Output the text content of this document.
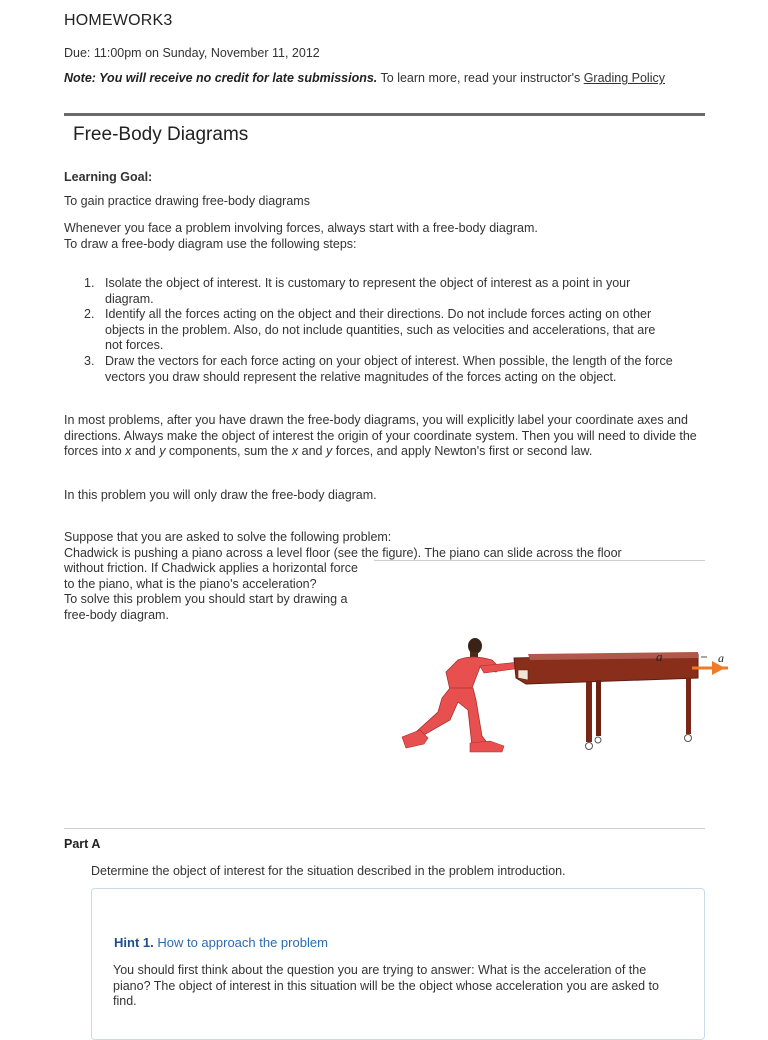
HOMEWORK3
Due: 11:00pm on Sunday, November 11, 2012
Note: You will receive no credit for late submissions. To learn more, read your instructor's Grading Policy
Free-Body Diagrams
Learning Goal:
To gain practice drawing free-body diagrams
Whenever you face a problem involving forces, always start with a free-body diagram.
To draw a free-body diagram use the following steps:
1. Isolate the object of interest. It is customary to represent the object of interest as a point in your diagram.
2. Identify all the forces acting on the object and their directions. Do not include forces acting on other objects in the problem. Also, do not include quantities, such as velocities and accelerations, that are not forces.
3. Draw the vectors for each force acting on your object of interest. When possible, the length of the force vectors you draw should represent the relative magnitudes of the forces acting on the object.
In most problems, after you have drawn the free-body diagrams, you will explicitly label your coordinate axes and directions. Always make the object of interest the origin of your coordinate system. Then you will need to divide the forces into x and y components, sum the x and y forces, and apply Newton's first or second law.
In this problem you will only draw the free-body diagram.
Suppose that you are asked to solve the following problem:
Chadwick is pushing a piano across a level floor (see the figure). The piano can slide across the floor
without friction. If Chadwick applies a horizontal force to the piano, what is the piano's acceleration?
To solve this problem you should start by drawing a free-body diagram.
a
a
Part A
Determine the object of interest for the situation described in the problem introduction.
Hint 1. How to approach the problem
You should first think about the question you are trying to answer: What is the acceleration of the piano? The object of interest in this situation will be the object whose acceleration you are asked to find.
